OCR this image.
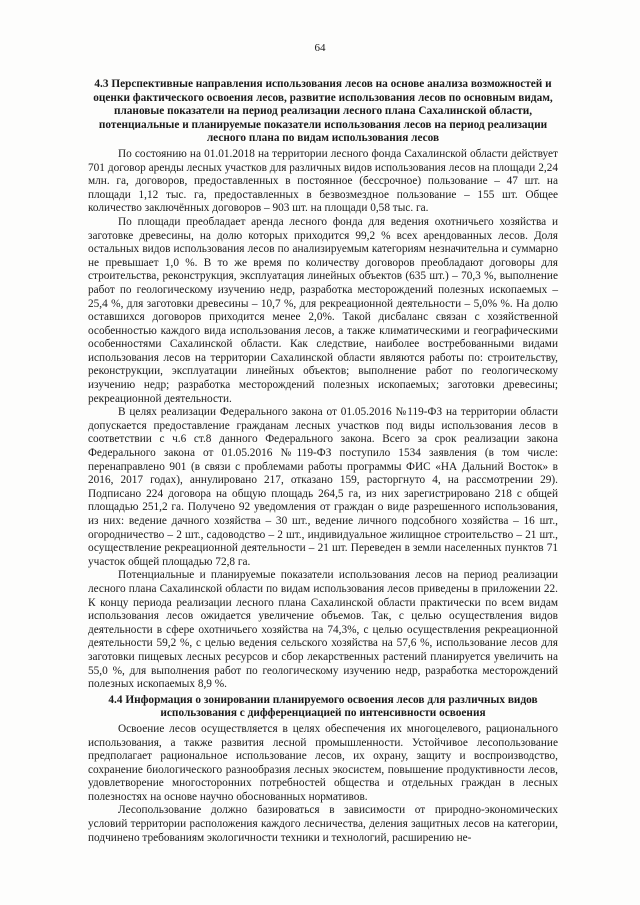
64
4.3 Перспективные направления использования лесов на основе анализа возможностей и оценки фактического освоения лесов, развитие использования лесов по основным видам, плановые показатели на период реализации лесного плана Сахалинской области, потенциальные и планируемые показатели использования лесов на период реализации лесного плана по видам использования лесов

По состоянию на 01.01.2018 на территории лесного фонда Сахалинской области действует 701 договор аренды лесных участков для различных видов использования лесов на площади 2,24 млн. га, договоров, предоставленных в постоянное (бессрочное) пользование – 47 шт. на площади 1,12 тыс. га, предоставленных в безвозмездное пользование – 155 шт. Общее количество заключённых договоров – 903 шт. на площади 0,58 тыс. га.

По площади преобладает аренда лесного фонда для ведения охотничьего хозяйства и заготовке древесины, на долю которых приходится 99,2 % всех арендованных лесов. Доля остальных видов использования лесов по анализируемым категориям незначительна и суммарно не превышает 1,0 %. В то же время по количеству договоров преобладают договоры для строительства, реконструкция, эксплуатация линейных объектов (635 шт.) – 70,3 %, выполнение работ по геологическому изучению недр, разработка месторождений полезных ископаемых – 25,4 %, для заготовки древесины – 10,7 %, для рекреационной деятельности – 5,0% %. На долю оставшихся договоров приходится менее 2,0%. Такой дисбаланс связан с хозяйственной особенностью каждого вида использования лесов, а также климатическими и географическими особенностями Сахалинской области. Как следствие, наиболее востребованными видами использования лесов на территории Сахалинской области являются работы по: строительству, реконструкции, эксплуатации линейных объектов; выполнение работ по геологическому изучению недр; разработка месторождений полезных ископаемых; заготовки древесины; рекреационной деятельности.

В целях реализации Федерального закона от 01.05.2016 №119-ФЗ на территории области допускается предоставление гражданам лесных участков под виды использования лесов в соответствии с ч.6 ст.8 данного Федерального закона. Всего за срок реализации закона Федерального закона от 01.05.2016 №119-ФЗ поступило 1534 заявления (в том числе: перенаправлено 901 (в связи с проблемами работы программы ФИС «НА Дальний Восток» в 2016, 2017 годах), аннулировано 217, отказано 159, расторгнуто 4, на рассмотрении 29). Подписано 224 договора на общую площадь 264,5 га, из них зарегистрировано 218 с общей площадью 251,2 га. Получено 92 уведомления от граждан о виде разрешенного использования, из них: ведение дачного хозяйства – 30 шт., ведение личного подсобного хозяйства – 16 шт., огородничество – 2 шт., садоводство – 2 шт., индивидуальное жилищное строительство – 21 шт., осуществление рекреационной деятельности – 21 шт. Переведен в земли населенных пунктов 71 участок общей площадью 72,8 га.

Потенциальные и планируемые показатели использования лесов на период реализации лесного плана Сахалинской области по видам использования лесов приведены в приложении 22. К концу периода реализации лесного плана Сахалинской области практически по всем видам использования лесов ожидается увеличение объемов. Так, с целью осуществления видов деятельности в сфере охотничьего хозяйства на 74,3%, с целью осуществления рекреационной деятельности 59,2 %, с целью ведения сельского хозяйства на 57,6 %, использование лесов для заготовки пищевых лесных ресурсов и сбор лекарственных растений планируется увеличить на 55,0 %, для выполнения работ по геологическому изучению недр, разработка месторождений полезных ископаемых 8,9 %.

4.4 Информация о зонировании планируемого освоения лесов для различных видов использования с дифференциацией по интенсивности освоения

Освоение лесов осуществляется в целях обеспечения их многоцелевого, рационального использования, а также развития лесной промышленности. Устойчивое лесопользование предполагает рациональное использование лесов, их охрану, защиту и воспроизводство, сохранение биологического разнообразия лесных экосистем, повышение продуктивности лесов, удовлетворение многосторонних потребностей общества и отдельных граждан в лесных полезностях на основе научно обоснованных нормативов.

Лесопользование должно базироваться в зависимости от природно-экономических условий территории расположения каждого лесничества, деления защитных лесов на категории, подчинено требованиям экологичности техники и технологий, расширению не-
